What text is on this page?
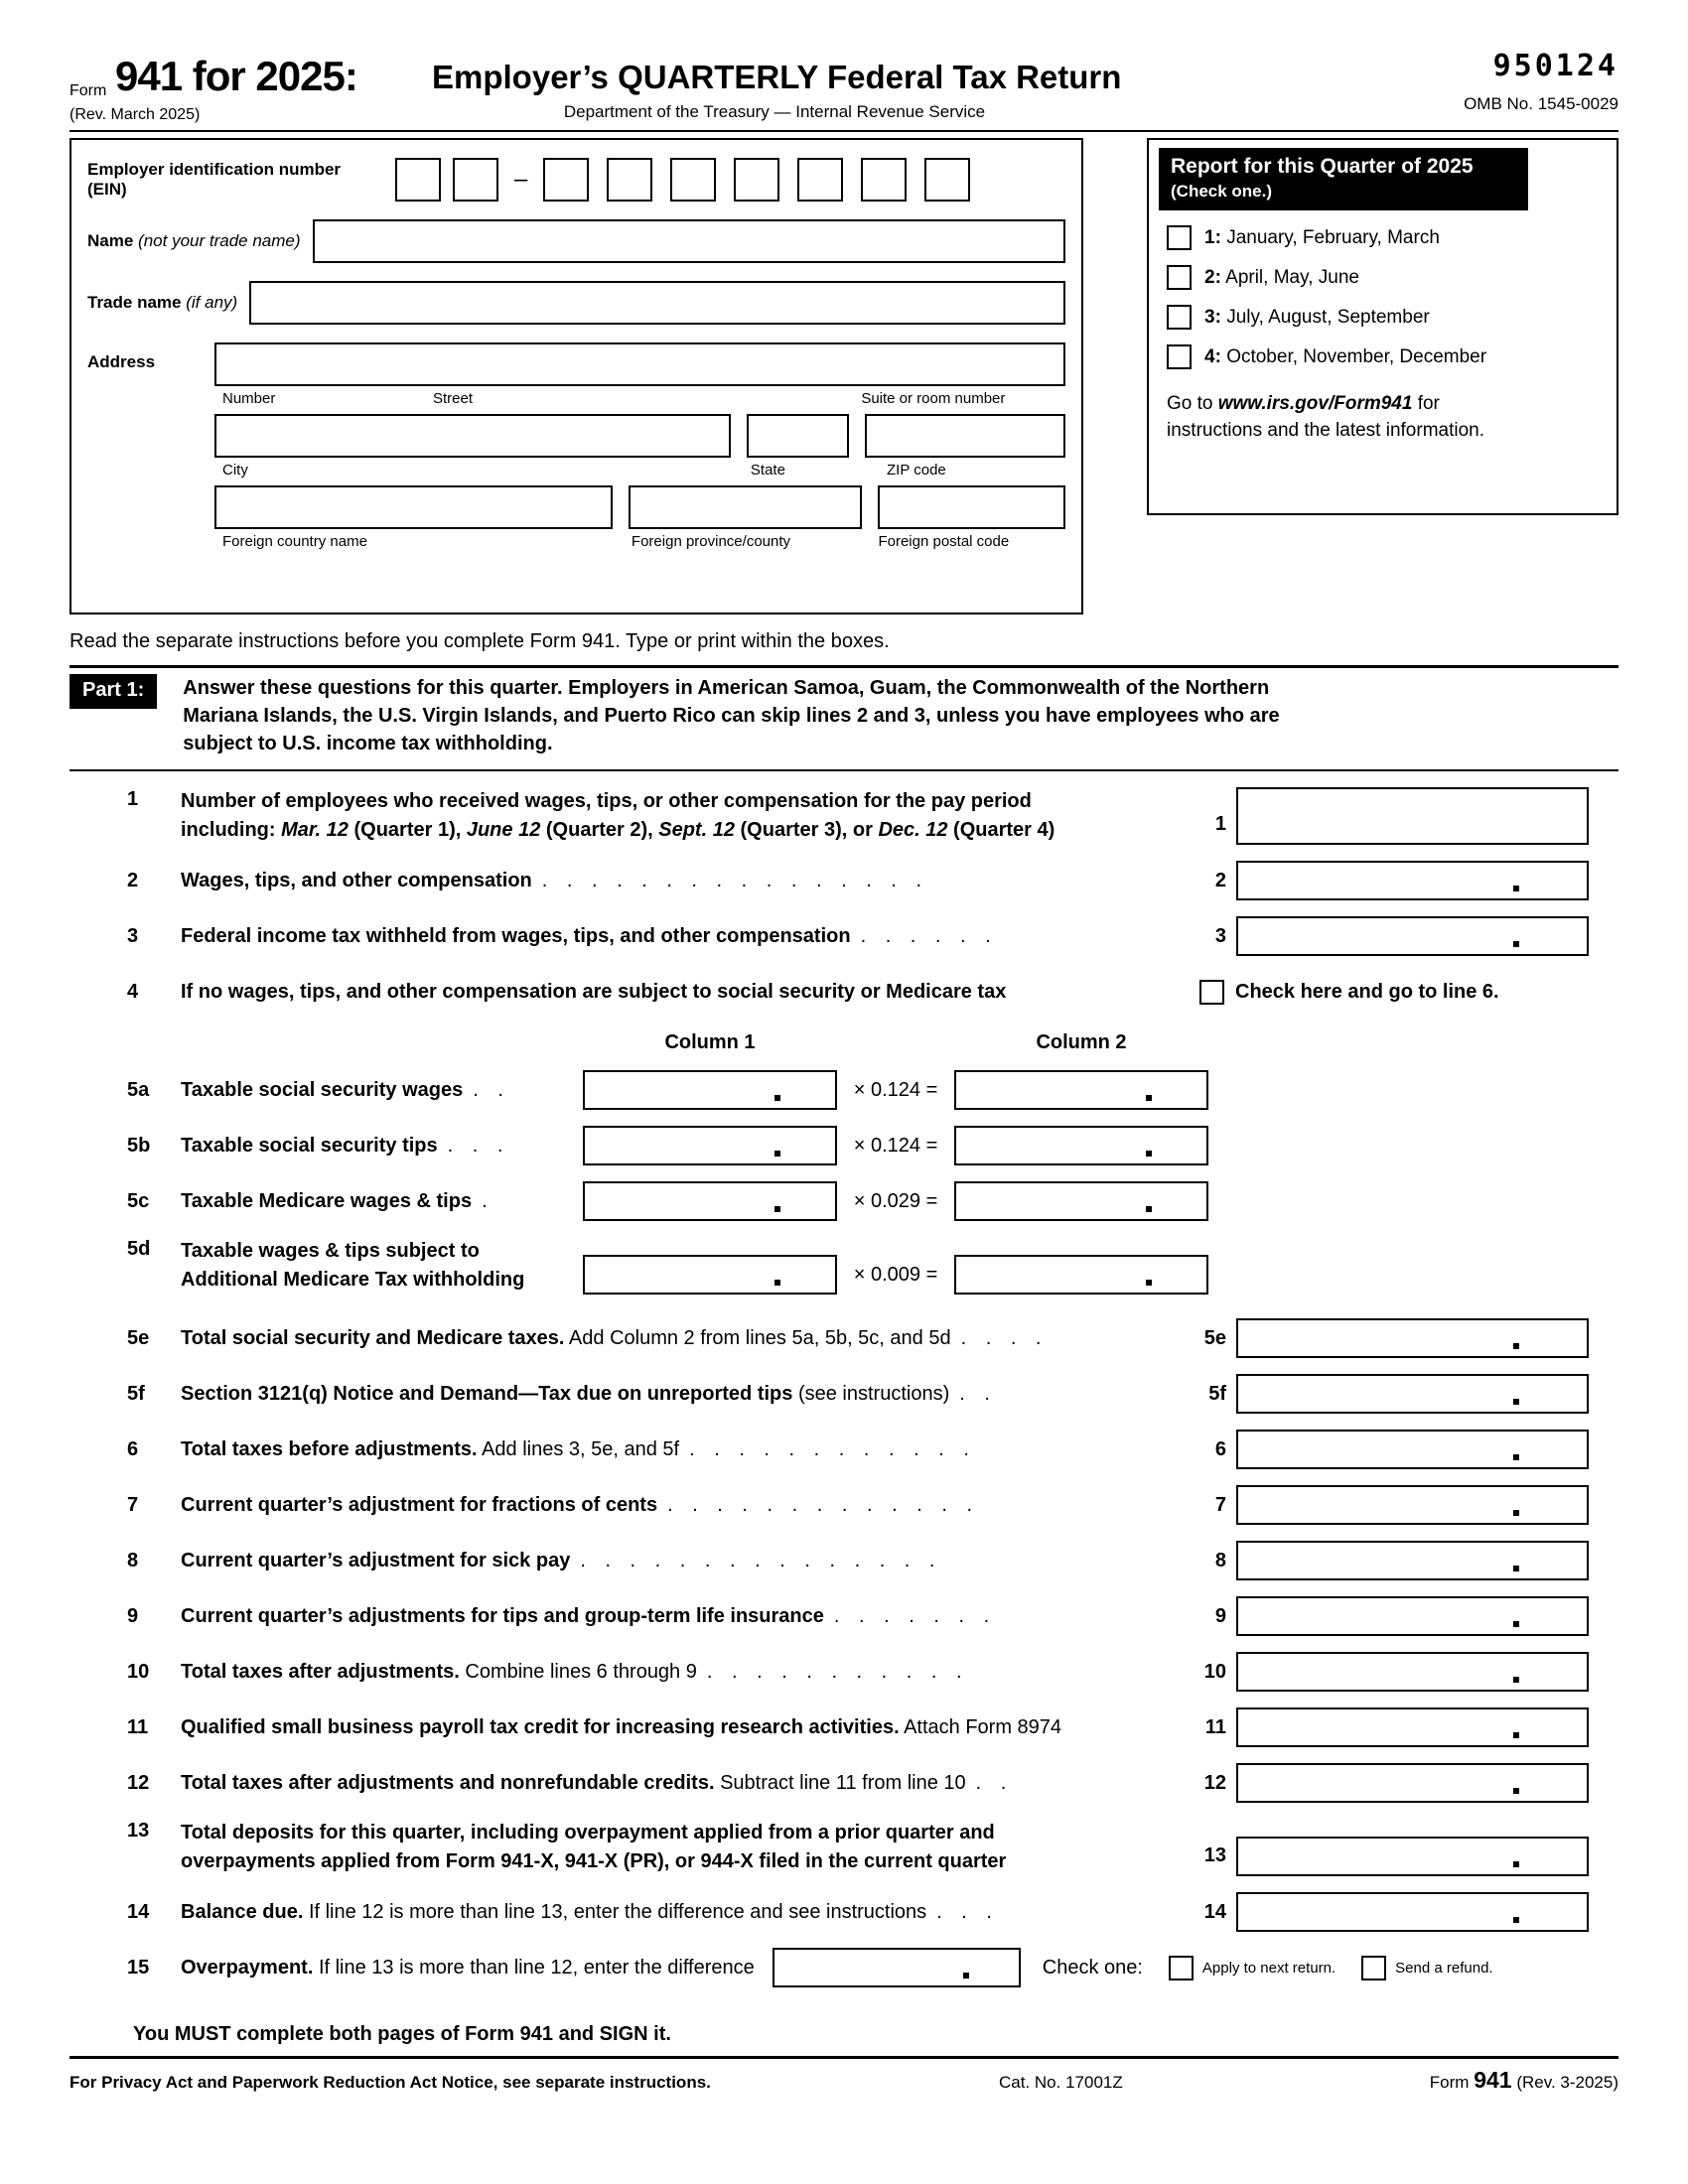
Form 941 for 2025:
(Rev. March 2025)
Employer’s QUARTERLY Federal Tax Return
Department of the Treasury — Internal Revenue Service
950124
OMB No. 1545-0029
Employer identification number (EIN)	–
Name (not your trade name)
Trade name (if any)
Address
Number	Street	Suite or room number
City	State	ZIP code
Foreign country name	Foreign province/county	Foreign postal code
Report for this Quarter of 2025
(Check one.)
1: January, February, March
2: April, May, June
3: July, August, September
4: October, November, December
Go to www.irs.gov/Form941 for
instructions and the latest information.
Read the separate instructions before you complete Form 941. Type or print within the boxes.
Part 1:	Answer these questions for this quarter. Employers in American Samoa, Guam, the Commonwealth of the Northern
Mariana Islands, the U.S. Virgin Islands, and Puerto Rico can skip lines 2 and 3, unless you have employees who are
subject to U.S. income tax withholding.
1	Number of employees who received wages, tips, or other compensation for the pay period
including: Mar. 12 (Quarter 1), June 12 (Quarter 2), Sept. 12 (Quarter 3), or Dec. 12 (Quarter 4)	1
2	Wages, tips, and other compensation . . . . . . . . . . . . . . . .	2
3	Federal income tax withheld from wages, tips, and other compensation . . . . . .	3
4	If no wages, tips, and other compensation are subject to social security or Medicare tax	Check here and go to line 6.
Column 1	Column 2
5a	Taxable social security wages . .	× 0.124 =
5b	Taxable social security tips . . .	× 0.124 =
5c	Taxable Medicare wages & tips .	× 0.029 =
5d	Taxable wages & tips subject to
Additional Medicare Tax withholding	× 0.009 =
5e	Total social security and Medicare taxes. Add Column 2 from lines 5a, 5b, 5c, and 5d . . . .	5e
5f	Section 3121(q) Notice and Demand—Tax due on unreported tips (see instructions) . .	5f
6	Total taxes before adjustments. Add lines 3, 5e, and 5f . . . . . . . . . . . .	6
7	Current quarter’s adjustment for fractions of cents . . . . . . . . . . . . .	7
8	Current quarter’s adjustment for sick pay . . . . . . . . . . . . . . .	8
9	Current quarter’s adjustments for tips and group-term life insurance . . . . . . .	9
10	Total taxes after adjustments. Combine lines 6 through 9 . . . . . . . . . . .	10
11	Qualified small business payroll tax credit for increasing research activities. Attach Form 8974	11
12	Total taxes after adjustments and nonrefundable credits. Subtract line 11 from line 10 . .	12
13	Total deposits for this quarter, including overpayment applied from a prior quarter and
overpayments applied from Form 941-X, 941-X (PR), or 944-X filed in the current quarter	13
14	Balance due. If line 12 is more than line 13, enter the difference and see instructions . . .	14
15	Overpayment. If line 13 is more than line 12, enter the difference	Check one:	Apply to next return.	Send a refund.
You MUST complete both pages of Form 941 and SIGN it.
For Privacy Act and Paperwork Reduction Act Notice, see separate instructions.	Cat. No. 17001Z	Form 941 (Rev. 3-2025)
